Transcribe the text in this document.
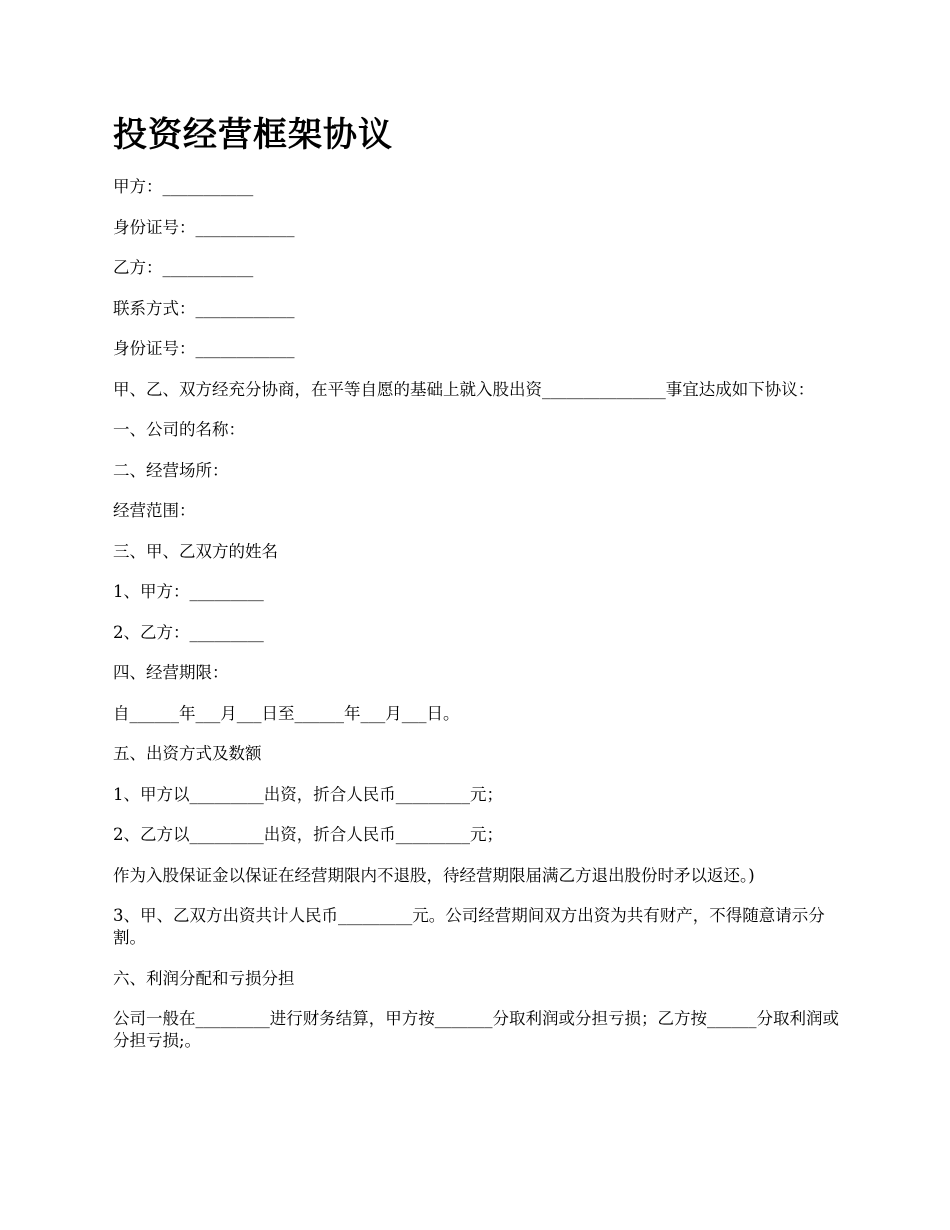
投资经营框架协议

甲方：___________

身份证号：____________

乙方：___________

联系方式：____________

身份证号：____________

甲、乙、双方经充分协商，在平等自愿的基础上就入股出资_______________事宜达成如下协议：

一、公司的名称：

二、经营场所：

经营范围：

三、甲、乙双方的姓名

1、甲方：_________

2、乙方：_________

四、经营期限：

自______年___月___日至______年___月___日。

五、出资方式及数额

1、甲方以_________出资，折合人民币_________元；

2、乙方以_________出资，折合人民币_________元；

作为入股保证金以保证在经营期限内不退股，待经营期限届满乙方退出股份时矛以返还。)

3、甲、乙双方出资共计人民币_________元。公司经营期间双方出资为共有财产，不得随意请示分割。

六、利润分配和亏损分担

公司一般在_________进行财务结算，甲方按_______分取利润或分担亏损；乙方按______分取利润或分担亏损;。
